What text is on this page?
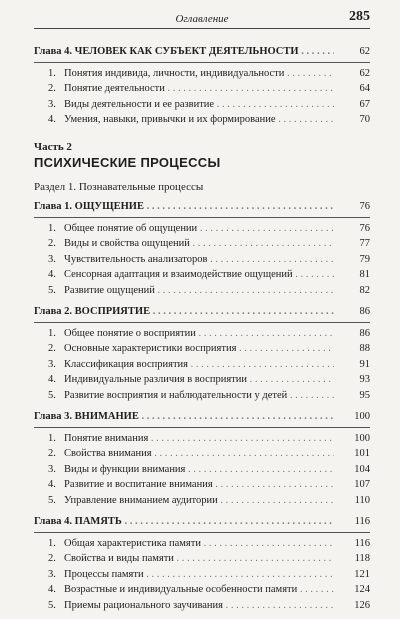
Оглавление	285
Глава 4. ЧЕЛОВЕК КАК СУБЪЕКТ ДЕЯТЕЛЬНОСТИ . . .	62
1. Понятия индивида, личности, индивидуальности . . .	62
2. Понятие деятельности . . .	64
3. Виды деятельности и ее развитие . . .	67
4. Умения, навыки, привычки и их формирование . . .	70
Часть 2
ПСИХИЧЕСКИЕ ПРОЦЕССЫ
Раздел 1. Познавательные процессы
Глава 1. ОЩУЩЕНИЕ . . .	76
1. Общее понятие об ощущении . . .	76
2. Виды и свойства ощущений . . .	77
3. Чувствительность анализаторов . . .	79
4. Сенсорная адаптация и взаимодействие ощущений . . .	81
5. Развитие ощущений . . .	82
Глава 2. ВОСПРИЯТИЕ . . .	86
1. Общее понятие о восприятии . . .	86
2. Основные характеристики восприятия . . .	88
3. Классификация восприятия . . .	91
4. Индивидуальные различия в восприятии . . .	93
5. Развитие восприятия и наблюдательности у детей . . .	95
Глава 3. ВНИМАНИЕ . . .	100
1. Понятие внимания . . .	100
2. Свойства внимания . . .	101
3. Виды и функции внимания . . .	104
4. Развитие и воспитание внимания . . .	107
5. Управление вниманием аудитории . . .	110
Глава 4. ПАМЯТЬ . . .	116
1. Общая характеристика памяти . . .	116
2. Свойства и виды памяти . . .	118
3. Процессы памяти . . .	121
4. Возрастные и индивидуальные особенности памяти . . .	124
5. Приемы рационального заучивания . . .	126
